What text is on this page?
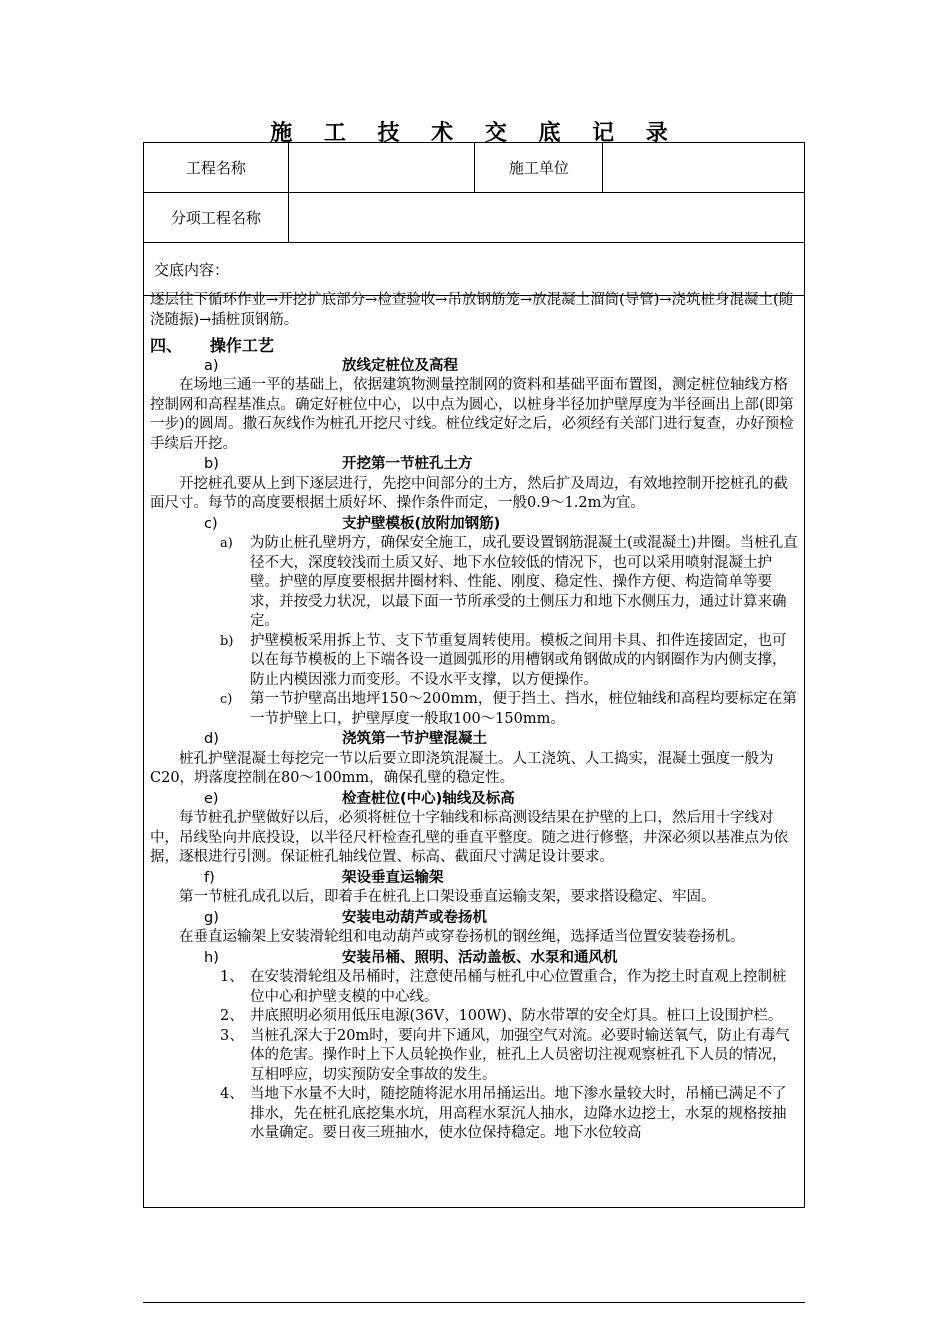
施 工 技 术 交 底 记 录
工程名称		施工单位	
分项工程名称			
交底内容：			

逐层往下循环作业→开挖扩底部分→检查验收→吊放钢筋笼→放混凝土溜筒(导管)→浇筑桩身混凝土(随浇随振)→插桩顶钢筋。

四、 操作工艺
a)	放线定桩位及高程

在场地三通一平的基础上，依据建筑物测量控制网的资料和基础平面布置图，测定桩位轴线方格控制网和高程基准点。确定好桩位中心，以中点为圆心，以桩身半径加护壁厚度为半径画出上部(即第一步)的圆周。撒石灰线作为桩孔开挖尺寸线。桩位线定好之后，必须经有关部门进行复查，办好预检手续后开挖。

b)	开挖第一节桩孔土方

开挖桩孔要从上到下逐层进行，先挖中间部分的土方，然后扩及周边，有效地控制开挖桩孔的截面尺寸。每节的高度要根据土质好坏、操作条件而定，一般0.9～1.2m为宜。

c)	支护壁模板(放附加钢筋)
a)	为防止桩孔壁坍方，确保安全施工，成孔要设置钢筋混凝土(或混凝土)井圈。当桩孔直径不大，深度较浅而土质又好、地下水位较低的情况下，也可以采用喷射混凝土护壁。护壁的厚度要根据井圈材料、性能、刚度、稳定性、操作方便、构造简单等要求，并按受力状况，以最下面一节所承受的土侧压力和地下水侧压力，通过计算来确定。
b)	护壁模板采用拆上节、支下节重复周转使用。模板之间用卡具、扣件连接固定，也可以在每节模板的上下端各设一道圆弧形的用槽钢或角钢做成的内钢圈作为内侧支撑，防止内模因涨力而变形。不设水平支撑，以方便操作。
c)	第一节护壁高出地坪150～200mm，便于挡土、挡水，桩位轴线和高程均要标定在第一节护壁上口，护壁厚度一般取100～150mm。
d)	浇筑第一节护壁混凝土

桩孔护壁混凝土每挖完一节以后要立即浇筑混凝土。人工浇筑、人工捣实，混凝土强度一般为C20，坍落度控制在80～100mm，确保孔壁的稳定性。

e)	检查桩位(中心)轴线及标高

每节桩孔护壁做好以后，必须将桩位十字轴线和标高测设结果在护壁的上口，然后用十字线对中，吊线坠向井底投设，以半径尺杆检查孔壁的垂直平整度。随之进行修整，井深必须以基准点为依据，逐根进行引测。保证桩孔轴线位置、标高、截面尺寸满足设计要求。

f)	架设垂直运输架

第一节桩孔成孔以后，即着手在桩孔上口架设垂直运输支架，要求搭设稳定、牢固。

g)	安装电动葫芦或卷扬机

在垂直运输架上安装滑轮组和电动葫芦或穿卷扬机的钢丝绳，选择适当位置安装卷扬机。

h)	安装吊桶、照明、活动盖板、水泵和通风机
1、 在安装滑轮组及吊桶时，注意使吊桶与桩孔中心位置重合，作为挖土时直观上控制桩位中心和护壁支模的中心线。
2、 井底照明必须用低压电源(36V、100W)、防水带罩的安全灯具。桩口上设围护栏。
3、 当桩孔深大于20m时，要向井下通风，加强空气对流。必要时输送氧气，防止有毒气体的危害。操作时上下人员轮换作业，桩孔上人员密切注视观察桩孔下人员的情况，互相呼应，切实预防安全事故的发生。
4、 当地下水量不大时，随挖随将泥水用吊捅运出。地下渗水量较大时，吊桶已满足不了排水，先在桩孔底挖集水坑，用高程水泵沉人抽水，边降水边挖土，水泵的规格按抽水量确定。要日夜三班抽水，使水位保持稳定。地下水位较高
